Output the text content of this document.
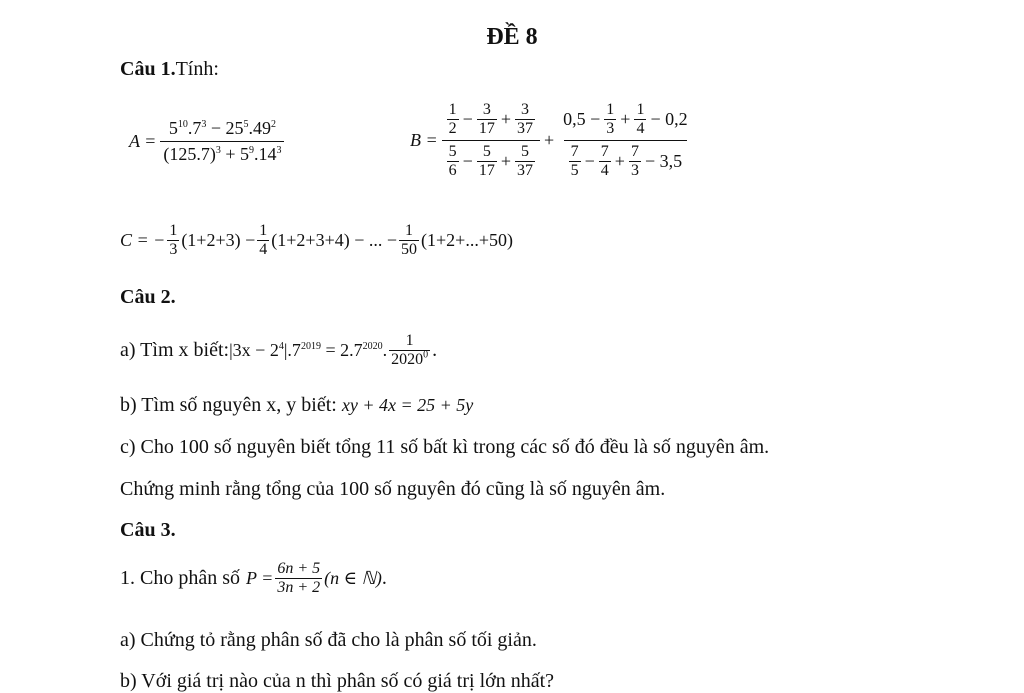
ĐỀ 8
Câu 1.Tính:
$A = \frac{5^{10}.7^3 - 25^5.49^2}{(125.7)^3 + 5^9.14^3}$	$B = \frac{\frac{1}{2} - \frac{3}{17} + \frac{3}{37}}{\frac{5}{6} - \frac{5}{17} + \frac{5}{37}} + \frac{0,5 - \frac{1}{3} + \frac{1}{4} - 0,2}{\frac{7}{5} - \frac{7}{4} + \frac{7}{3} - 3,5}$
C = − $\frac{1}{3} (1+2+3) - \frac{1}{4} (1+2+3+4)$ − ... − $\frac{1}{50} (1+2+...+50)$
Câu 2.
a) Tìm x biết: $|3x - 2^4|.7^{2019} = 2.7^{2020}$. $\frac{1}{2020^0}$ .
b) Tìm số nguyên x, y biết: xy + 4x = 25 + 5y
c) Cho 100 số nguyên biết tổng 11 số bất kì trong các số đó đều là số nguyên âm.
Chứng minh rằng tổng của 100 số nguyên đó cũng là số nguyên âm.
Câu 3.
1. Cho phân số $P = \frac{6n + 5}{3n + 2} (n$ ∈ ℕ) .
a) Chứng tỏ rằng phân số đã cho là phân số tối giản.
b) Với giá trị nào của n thì phân số có giá trị lớn nhất?
